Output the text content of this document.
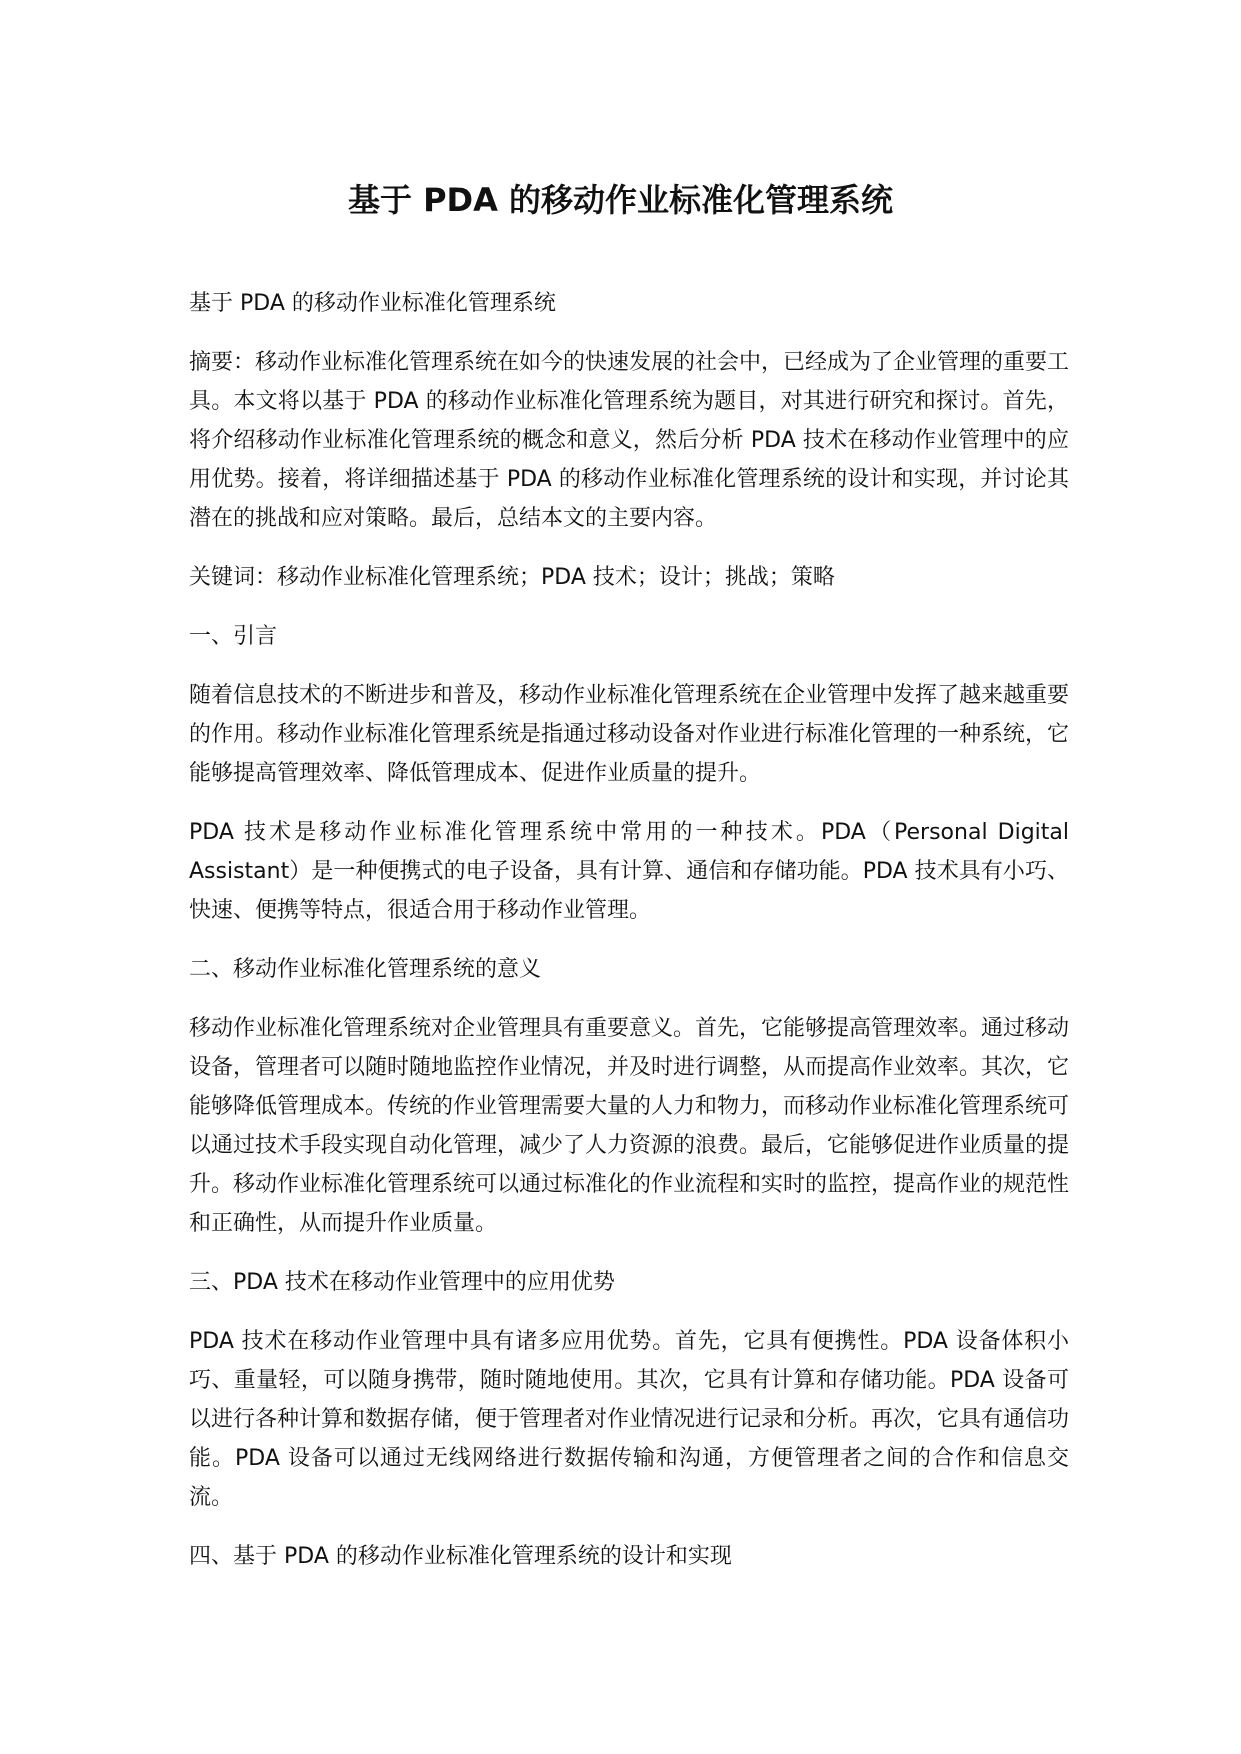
基于 PDA 的移动作业标准化管理系统

基于 PDA 的移动作业标准化管理系统

摘要：移动作业标准化管理系统在如今的快速发展的社会中，已经成为了企业管理的重要工具。本文将以基于 PDA 的移动作业标准化管理系统为题目，对其进行研究和探讨。首先，将介绍移动作业标准化管理系统的概念和意义，然后分析 PDA 技术在移动作业管理中的应用优势。接着，将详细描述基于 PDA 的移动作业标准化管理系统的设计和实现，并讨论其潜在的挑战和应对策略。最后，总结本文的主要内容。

关键词：移动作业标准化管理系统；PDA 技术；设计；挑战；策略

一、引言

随着信息技术的不断进步和普及，移动作业标准化管理系统在企业管理中发挥了越来越重要的作用。移动作业标准化管理系统是指通过移动设备对作业进行标准化管理的一种系统，它能够提高管理效率、降低管理成本、促进作业质量的提升。

PDA 技术是移动作业标准化管理系统中常用的一种技术。PDA（Personal Digital Assistant）是一种便携式的电子设备，具有计算、通信和存储功能。PDA 技术具有小巧、快速、便携等特点，很适合用于移动作业管理。

二、移动作业标准化管理系统的意义

移动作业标准化管理系统对企业管理具有重要意义。首先，它能够提高管理效率。通过移动设备，管理者可以随时随地监控作业情况，并及时进行调整，从而提高作业效率。其次，它能够降低管理成本。传统的作业管理需要大量的人力和物力，而移动作业标准化管理系统可以通过技术手段实现自动化管理，减少了人力资源的浪费。最后，它能够促进作业质量的提升。移动作业标准化管理系统可以通过标准化的作业流程和实时的监控，提高作业的规范性和正确性，从而提升作业质量。

三、PDA 技术在移动作业管理中的应用优势

PDA 技术在移动作业管理中具有诸多应用优势。首先，它具有便携性。PDA 设备体积小巧、重量轻，可以随身携带，随时随地使用。其次，它具有计算和存储功能。PDA 设备可以进行各种计算和数据存储，便于管理者对作业情况进行记录和分析。再次，它具有通信功能。PDA 设备可以通过无线网络进行数据传输和沟通，方便管理者之间的合作和信息交流。

四、基于 PDA 的移动作业标准化管理系统的设计和实现
